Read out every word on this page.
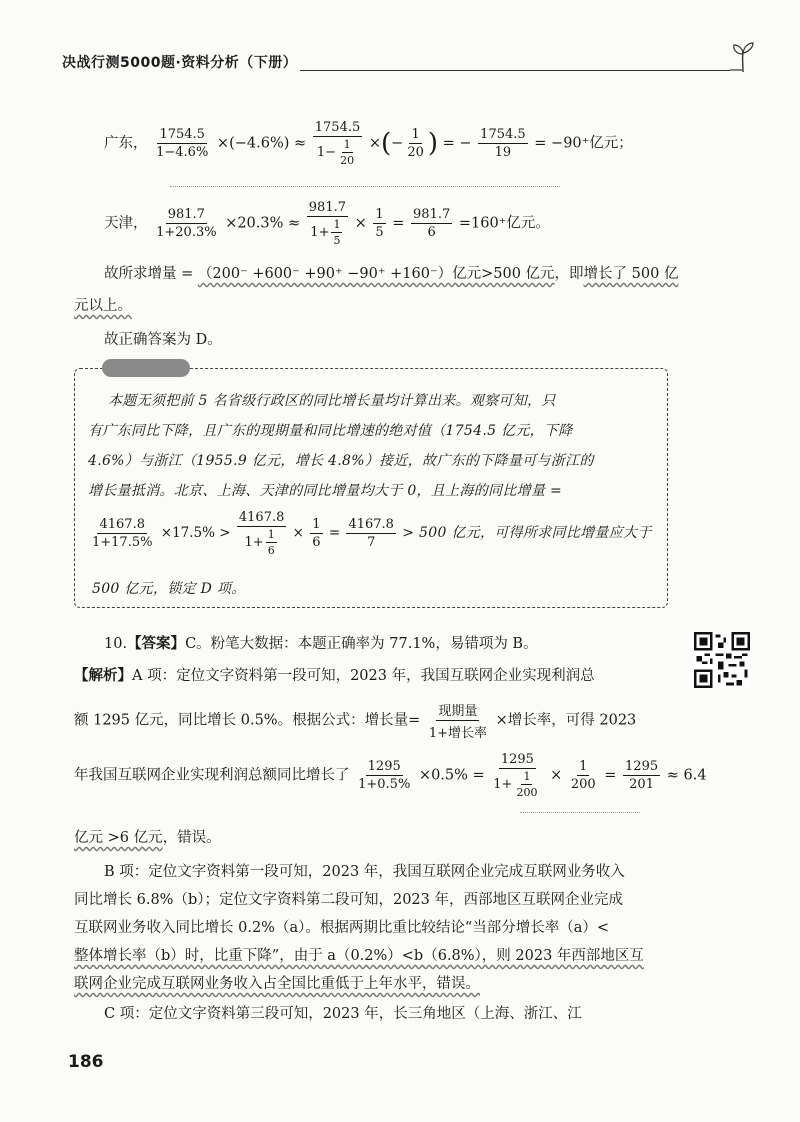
决战行测5000题·资料分析（下册）
广东， $\frac{1754.5}{1-4.6\%} \times(-4.6\%) \approx \frac{1754.5}{1- \frac{1}{20}}$ ×(− $\frac{1}{20}$ ) = − $\frac{1754.5}{19} = -90^+$亿元；
天津， $\frac{981.7}{1+20.3\%} \times 20.3\% \approx \frac{981.7}{1+ \frac{1}{5}} \times \frac{1}{5} = \frac{981.7}{6} =160^+$亿元。
故所求增量 = （200⁻ +600⁻ +90⁺ −90⁺ +160⁻）亿元>500 亿元，即增长了 500 亿
元以上。
故正确答案为 D。
本题无须把前 5 名省级行政区的同比增长量均计算出来。观察可知，只
有广东同比下降，且广东的现期量和同比增速的绝对值（1754.5 亿元，下降
4.6%）与浙江（1955.9 亿元，增长 4.8%）接近，故广东的下降量可与浙江的
增长量抵消。北京、上海、天津的同比增量均大于 0，且上海的同比增量 =
$\frac{4167.8}{1+17.5\%} \times 17.5\% > \frac{4167.8}{1+ \frac{1}{6}} \times \frac{1}{6} = \frac{4167.8}{7} > 500$ 亿元，可得所求同比增量应大于
500 亿元，锁定 D 项。
10.【答案】C。粉笔大数据：本题正确率为 77.1%，易错项为 B。
【解析】A 项：定位文字资料第一段可知，2023 年，我国互联网企业实现利润总
额 1295 亿元，同比增长 0.5%。根据公式：增长量= $\frac{\text{现期量}}{\text{1+增长率}}$ ×增长率，可得 2023
年我国互联网企业实现利润总额同比增长了 $\frac{1295}{1+0.5\%} \times 0.5\% = \frac{1295}{1+ \frac{1}{200}} \times \frac{1}{200} = \frac{1295}{201} \approx 6.4$
亿元 >6 亿元，错误。
B 项：定位文字资料第一段可知，2023 年，我国互联网企业完成互联网业务收入
同比增长 6.8%（b）；定位文字资料第二段可知，2023 年，西部地区互联网企业完成
互联网业务收入同比增长 0.2%（a）。根据两期比重比较结论“当部分增长率（a）<
整体增长率（b）时，比重下降”，由于 a（0.2%）<b（6.8%），则 2023 年西部地区互
联网企业完成互联网业务收入占全国比重低于上年水平，错误。
C 项：定位文字资料第三段可知，2023 年，长三角地区（上海、浙江、江
186
